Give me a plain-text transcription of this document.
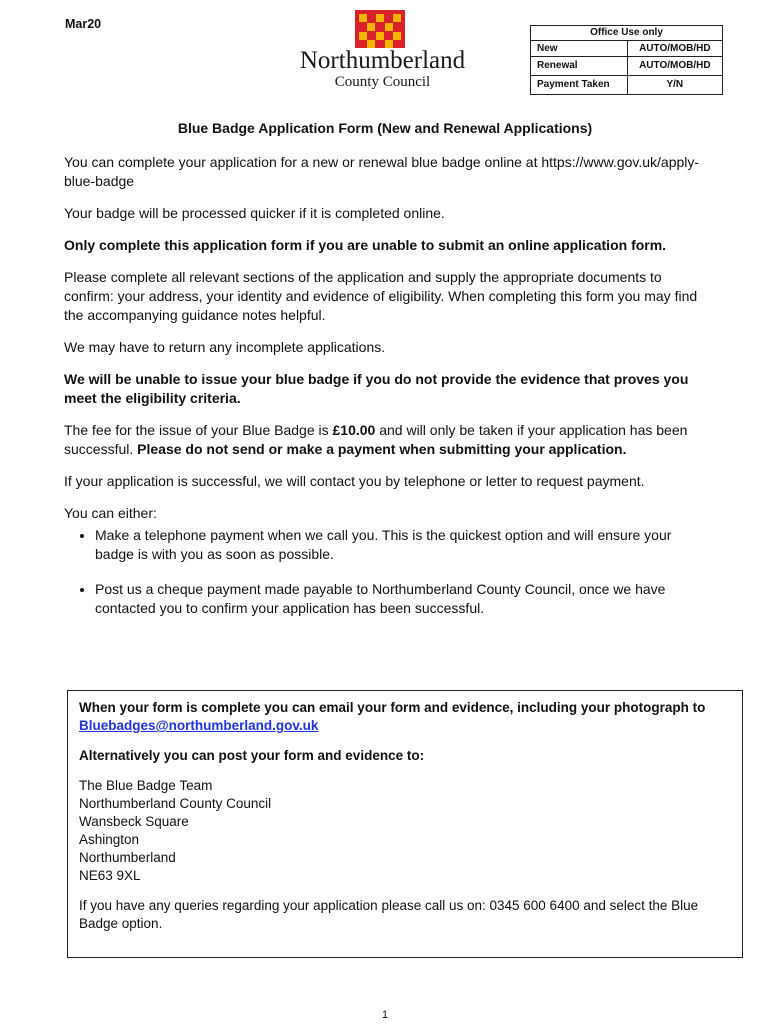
Mar20
Northumberland
County Council
Office Use only	
New	AUTO/MOB/HD
Renewal	AUTO/MOB/HD
Payment Taken	Y/N
Blue Badge Application Form (New and Renewal Applications)

You can complete your application for a new or renewal blue badge online at https://www.gov.uk/apply-blue-badge

Your badge will be processed quicker if it is completed online.

Only complete this application form if you are unable to submit an online application form.

Please complete all relevant sections of the application and supply the appropriate documents to confirm: your address, your identity and evidence of eligibility. When completing this form you may find the accompanying guidance notes helpful.

We may have to return any incomplete applications.

We will be unable to issue your blue badge if you do not provide the evidence that proves you meet the eligibility criteria.

The fee for the issue of your Blue Badge is £10.00 and will only be taken if your application has been successful. Please do not send or make a payment when submitting your application.

If your application is successful, we will contact you by telephone or letter to request payment.

You can either:
• Make a telephone payment when we call you. This is the quickest option and will ensure your badge is with you as soon as possible.
• Post us a cheque payment made payable to Northumberland County Council, once we have contacted you to confirm your application has been successful.

When your form is complete you can email your form and evidence, including your photograph to Bluebadges@northumberland.gov.uk

Alternatively you can post your form and evidence to:

The Blue Badge Team
Northumberland County Council
Wansbeck Square
Ashington
Northumberland
NE63 9XL

If you have any queries regarding your application please call us on: 0345 600 6400 and select the Blue Badge option.

1
